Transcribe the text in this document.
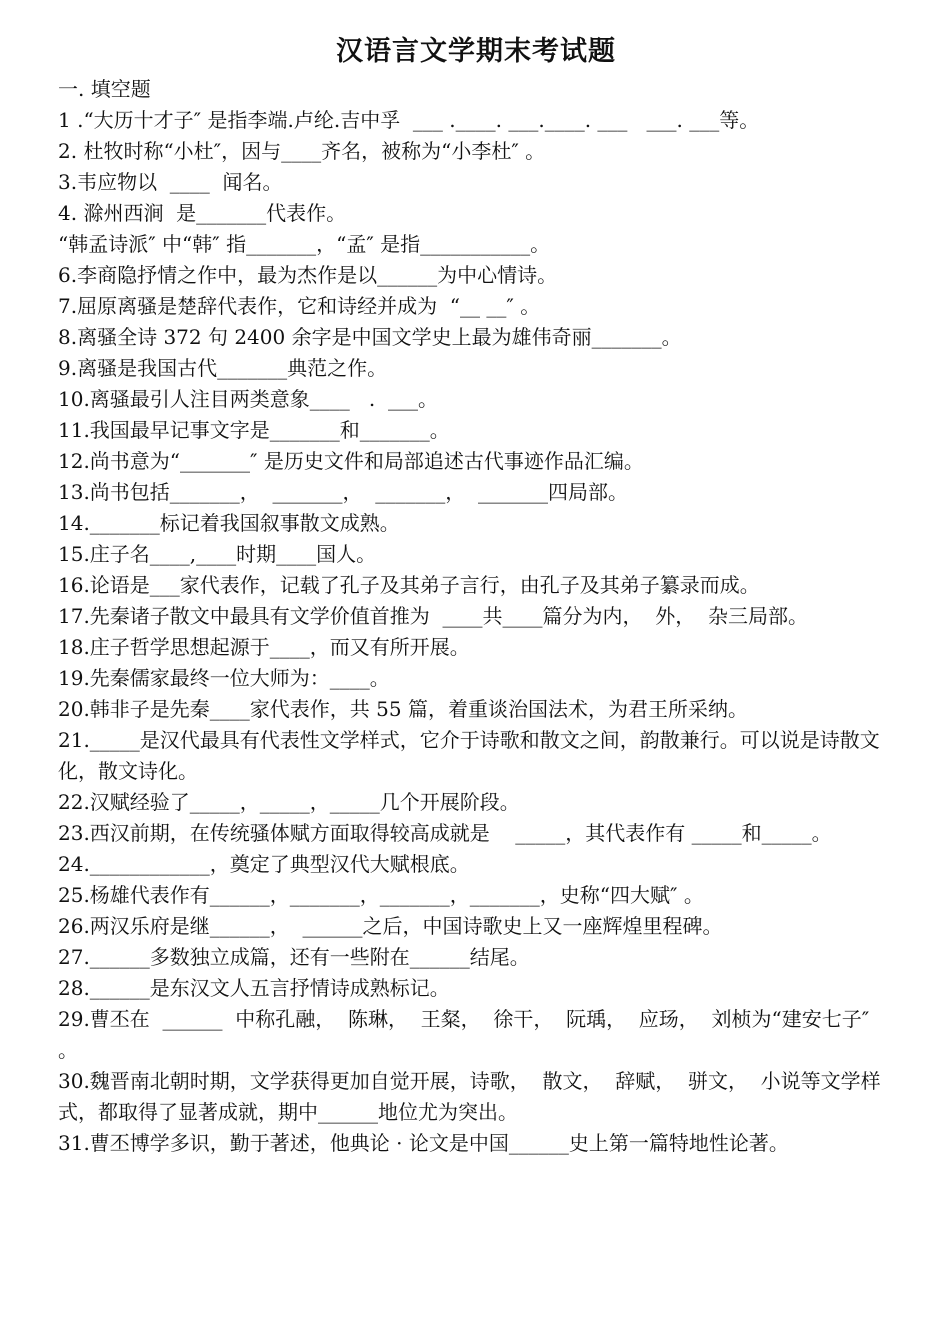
汉语言文学期末考试题
一. 填空题
1 .“大历十才子″ 是指李端.卢纶.吉中孚  ___ .____. ___.____. ___   ___. ___等。
2. 杜牧时称“小杜″，因与____齐名，被称为“小李杜″ 。
3.韦应物以  ____  闻名。
4. 滁州西涧  是_______代表作。
“韩孟诗派″ 中“韩″ 指_______，“孟″ 是指___________。
6.李商隐抒情之作中，最为杰作是以______为中心情诗。
7.屈原离骚是楚辞代表作，它和诗经并成为  “__ __″ 。
8.离骚全诗 372 句 2400 余字是中国文学史上最为雄伟奇丽_______。
9.离骚是我国古代_______典范之作。
10.离骚最引人注目两类意象____   .  ___。
11.我国最早记事文字是_______和_______。
12.尚书意为“_______″ 是历史文件和局部追述古代事迹作品汇编。
13.尚书包括_______，  _______，  _______，  _______四局部。
14._______标记着我国叙事散文成熟。
15.庄子名____,____时期____国人。
16.论语是___家代表作，记载了孔子及其弟子言行，由孔子及其弟子纂录而成。
17.先秦诸子散文中最具有文学价值首推为  ____共____篇分为内，  外，  杂三局部。
18.庄子哲学思想起源于____，而又有所开展。
19.先秦儒家最终一位大师为：____。
20.韩非子是先秦____家代表作，共 55 篇，着重谈治国法术，为君王所采纳。
21._____是汉代最具有代表性文学样式，它介于诗歌和散文之间，韵散兼行。可以说是诗散文化，散文诗化。
22.汉赋经验了_____，_____，_____几个开展阶段。
23.西汉前期，在传统骚体赋方面取得较高成就是    _____，其代表作有 _____和_____。
24.____________，奠定了典型汉代大赋根底。
25.杨雄代表作有______，_______，_______，_______，史称“四大赋″ 。
26.两汉乐府是继______，  ______之后，中国诗歌史上又一座辉煌里程碑。
27.______多数独立成篇，还有一些附在______结尾。
28.______是东汉文人五言抒情诗成熟标记。
29.曹丕在  ______  中称孔融，  陈琳，  王粲，  徐干，  阮瑀，  应玚，  刘桢为“建安七子″ 。
30.魏晋南北朝时期，文学获得更加自觉开展，诗歌，  散文，  辞赋，  骈文，  小说等文学样式，都取得了显著成就，期中______地位尤为突出。
31.曹丕博学多识，勤于著述，他典论 · 论文是中国______史上第一篇特地性论著。
